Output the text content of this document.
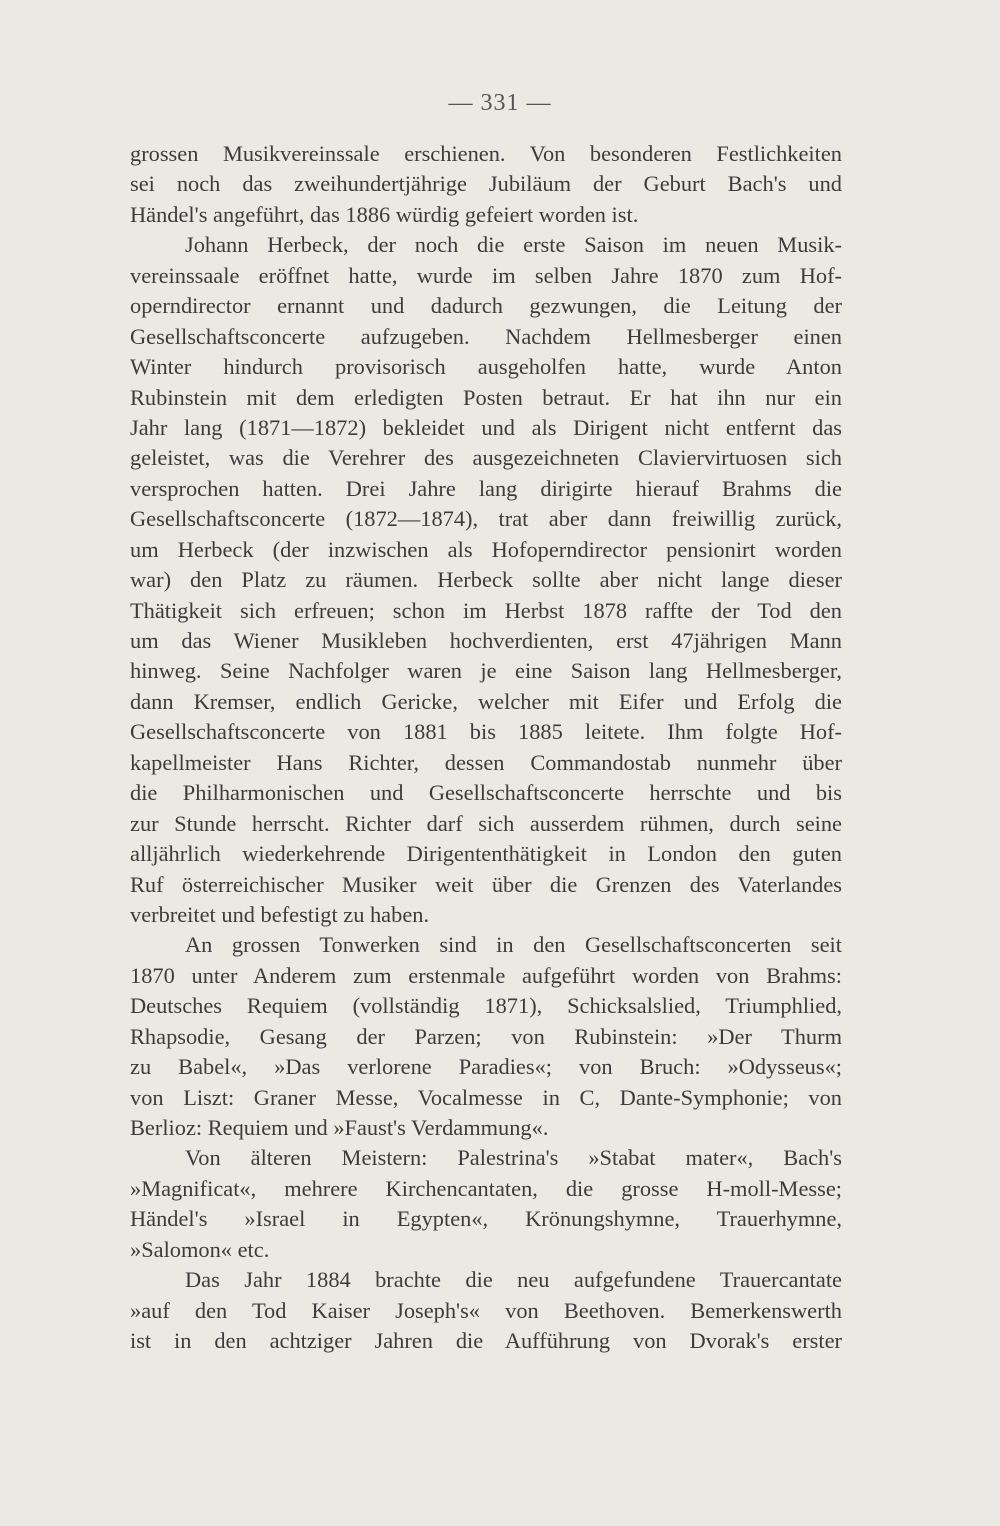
— 331 —
grossen Musikvereinssale erschienen. Von besonderen Festlichkeiten
sei noch das zweihundertjährige Jubiläum der Geburt Bach's und
Händel's angeführt, das 1886 würdig gefeiert worden ist.
Johann Herbeck, der noch die erste Saison im neuen Musik-
vereinssaale eröffnet hatte, wurde im selben Jahre 1870 zum Hof-
operndirector ernannt und dadurch gezwungen, die Leitung der
Gesellschaftsconcerte aufzugeben. Nachdem Hellmesberger einen
Winter hindurch provisorisch ausgeholfen hatte, wurde Anton
Rubinstein mit dem erledigten Posten betraut. Er hat ihn nur ein
Jahr lang (1871—1872) bekleidet und als Dirigent nicht entfernt das
geleistet, was die Verehrer des ausgezeichneten Claviervirtuosen sich
versprochen hatten. Drei Jahre lang dirigirte hierauf Brahms die
Gesellschaftsconcerte (1872—1874), trat aber dann freiwillig zurück,
um Herbeck (der inzwischen als Hofoperndirector pensionirt worden
war) den Platz zu räumen. Herbeck sollte aber nicht lange dieser
Thätigkeit sich erfreuen; schon im Herbst 1878 raffte der Tod den
um das Wiener Musikleben hochverdienten, erst 47jährigen Mann
hinweg. Seine Nachfolger waren je eine Saison lang Hellmesberger,
dann Kremser, endlich Gericke, welcher mit Eifer und Erfolg die
Gesellschaftsconcerte von 1881 bis 1885 leitete. Ihm folgte Hof-
kapellmeister Hans Richter, dessen Commandostab nunmehr über
die Philharmonischen und Gesellschaftsconcerte herrschte und bis
zur Stunde herrscht. Richter darf sich ausserdem rühmen, durch seine
alljährlich wiederkehrende Dirigententhätigkeit in London den guten
Ruf österreichischer Musiker weit über die Grenzen des Vaterlandes
verbreitet und befestigt zu haben.
An grossen Tonwerken sind in den Gesellschaftsconcerten seit
1870 unter Anderem zum erstenmale aufgeführt worden von Brahms:
Deutsches Requiem (vollständig 1871), Schicksalslied, Triumphlied,
Rhapsodie, Gesang der Parzen; von Rubinstein: »Der Thurm
zu Babel«, »Das verlorene Paradies«; von Bruch: »Odysseus«;
von Liszt: Graner Messe, Vocalmesse in C, Dante-Symphonie; von
Berlioz: Requiem und »Faust's Verdammung«.
Von älteren Meistern: Palestrina's »Stabat mater«, Bach's
»Magnificat«, mehrere Kirchencantaten, die grosse H-moll-Messe;
Händel's »Israel in Egypten«, Krönungshymne, Trauerhymne,
»Salomon« etc.
Das Jahr 1884 brachte die neu aufgefundene Trauercantate
»auf den Tod Kaiser Joseph's« von Beethoven. Bemerkenswerth
ist in den achtziger Jahren die Aufführung von Dvorak's erster
